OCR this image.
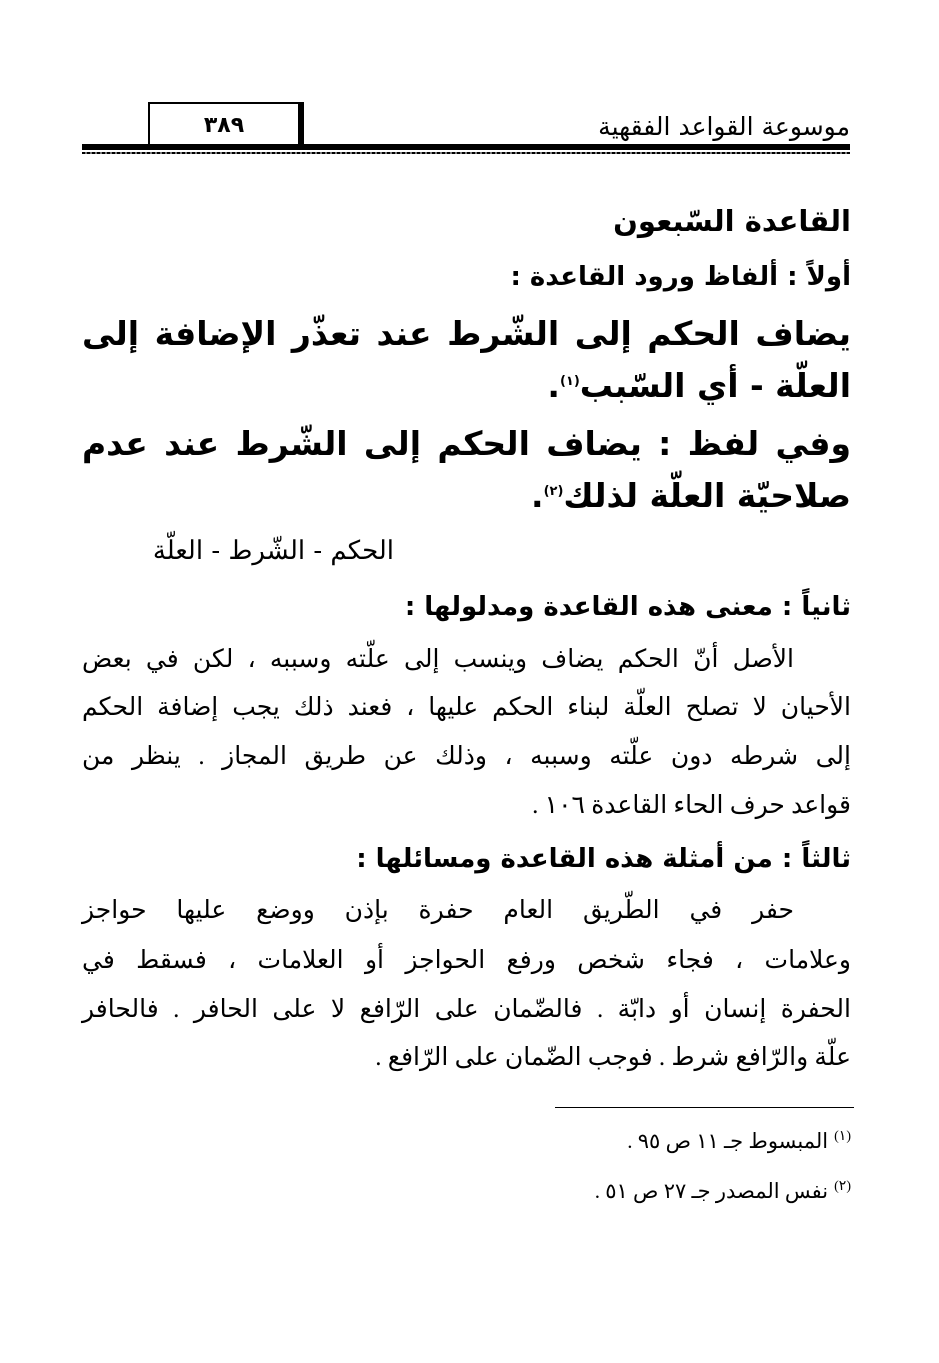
٣٨٩	موسوعة القواعد الفقهية
القاعدة السّبعون
أولاً : ألفاظ ورود القاعدة :
يضاف الحكم إلى الشّرط عند تعذّر الإضافة إلى
العلّة - أي السّبب$^{(١)}$.
وفي لفظ : يضاف الحكم إلى الشّرط عند عدم
صلاحيّة العلّة لذلك$^{(٢)}$.
الحكم - الشّرط - العلّة
ثانياً : معنى هذه القاعدة ومدلولها :
الأصل أنّ الحكم يضاف وينسب إلى علّته وسببه ، لكن في بعض
الأحيان لا تصلح العلّة لبناء الحكم عليها ، فعند ذلك يجب إضافة الحكم
إلى شرطه دون علّته وسببه ، وذلك عن طريق المجاز . ينظر من
قواعد حرف الحاء القاعدة ١٠٦ .
ثالثاً : من أمثلة هذه القاعدة ومسائلها :
حفر في الطّريق العام حفرة بإذن ووضع عليها حواجز
وعلامات ، فجاء شخص ورفع الحواجز أو العلامات ، فسقط في
الحفرة إنسان أو دابّة . فالضّمان على الرّافع لا على الحافر . فالحافر
علّة والرّافع شرط . فوجب الضّمان على الرّافع .
$^{(١)}$المبسوط جـ ١١ ص ٩٥ .
$^{(٢)}$نفس المصدر جـ ٢٧ ص ٥١ .
